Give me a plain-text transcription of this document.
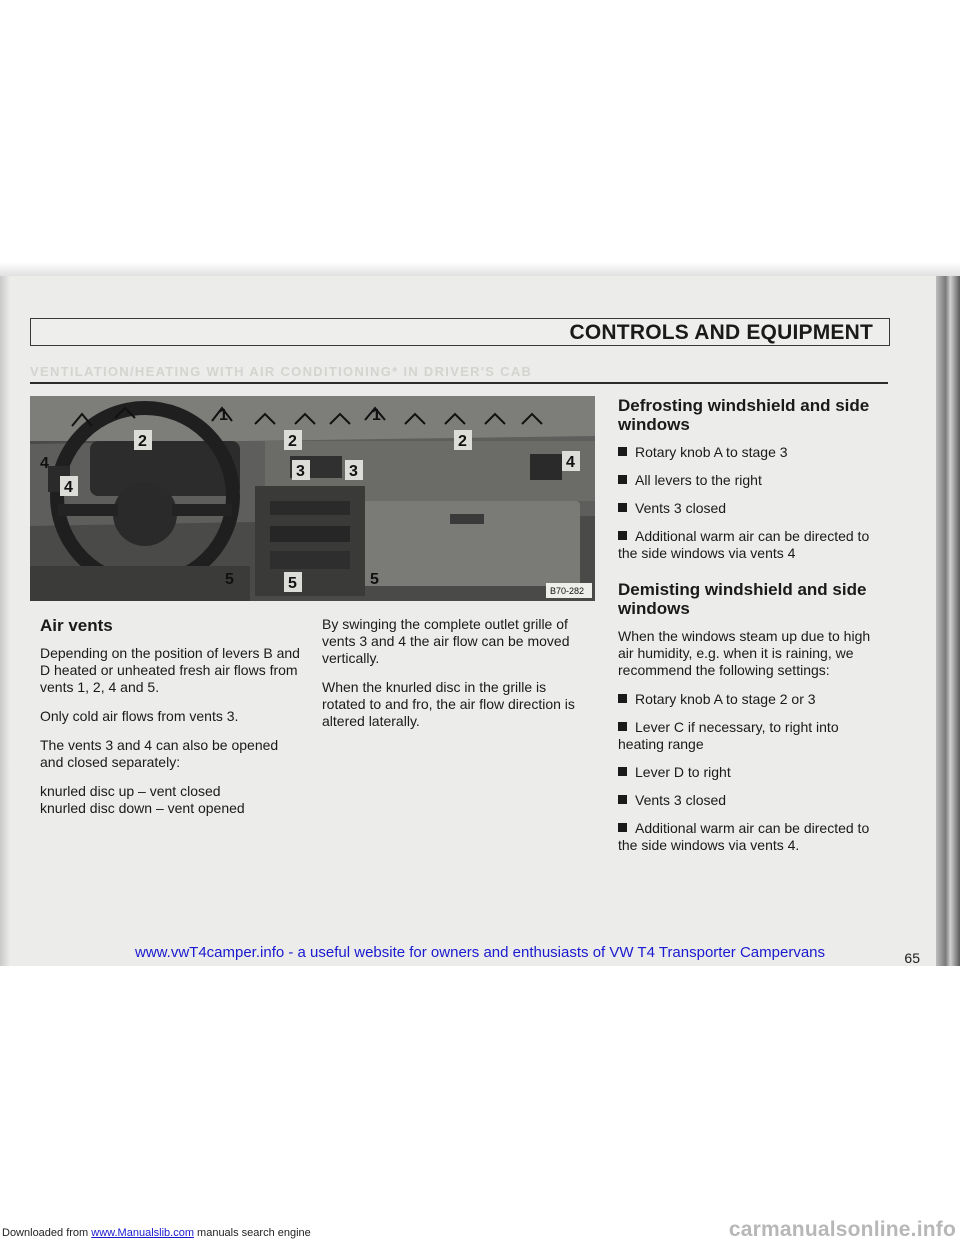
CONTROLS AND EQUIPMENT
VENTILATION/HEATING WITH AIR CONDITIONING* IN DRIVER'S CAB
2	2	2
1	1
3	3
4
4
4
5	5	5
B70-282
Air vents

Depending on the position of levers B and D heated or unheated fresh air flows from vents 1, 2, 4 and 5.

Only cold air flows from vents 3.

The vents 3 and 4 can also be opened and closed separately:

knurled disc up – vent closed
knurled disc down – vent opened

By swinging the complete outlet grille of vents 3 and 4 the air flow can be moved vertically.

When the knurled disc in the grille is rotated to and fro, the air flow direction is altered laterally.

Defrosting windshield and side windows
Rotary knob A to stage 3
All levers to the right
Vents 3 closed
Additional warm air can be directed to the side windows via vents 4
Demisting windshield and side windows

When the windows steam up due to high air humidity, e.g. when it is raining, we recommend the following settings:

Rotary knob A to stage 2 or 3
Lever C if necessary, to right into heating range
Lever D to right
Vents 3 closed
Additional warm air can be directed to the side windows via vents 4.
65
www.vwT4camper.info - a useful website for owners and enthusiasts of VW T4 Transporter Campervans
Downloaded from www.Manualslib.com manuals search engine	carmanualsonline.info
